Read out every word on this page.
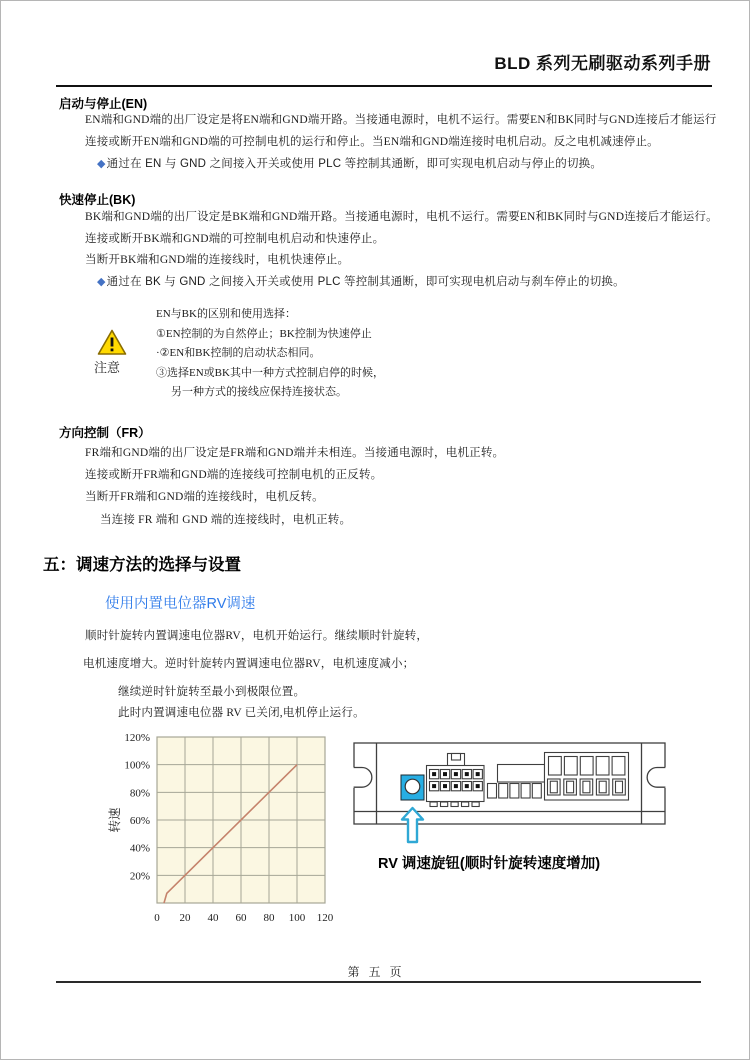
BLD 系列无刷驱动系列手册
启动与停止(EN)
EN端和GND端的出厂设定是将EN端和GND端开路。当接通电源时，电机不运行。需要EN和BK同时与GND连接后才能运行
连接或断开EN端和GND端的可控制电机的运行和停止。当EN端和GND端连接时电机启动。反之电机减速停止。
◆通过在 EN 与 GND 之间接入开关或使用 PLC 等控制其通断，即可实现电机启动与停止的切换。
快速停止(BK)
BK端和GND端的出厂设定是BK端和GND端开路。当接通电源时，电机不运行。需要EN和BK同时与GND连接后才能运行。
连接或断开BK端和GND端的可控制电机启动和快速停止。
当断开BK端和GND端的连接线时，电机快速停止。
◆通过在 BK 与 GND 之间接入开关或使用 PLC 等控制其通断，即可实现电机启动与刹车停止的切换。
注意
EN与BK的区别和使用选择：
①EN控制的为自然停止；BK控制为快速停止
·②EN和BK控制的启动状态相同。
③选择EN或BK其中一种方式控制启停的时候，
另一种方式的接线应保持连接状态。
方向控制（FR）
FR端和GND端的出厂设定是FR端和GND端并未相连。当接通电源时，电机正转。
连接或断开FR端和GND端的连接线可控制电机的正反转。
当断开FR端和GND端的连接线时，电机反转。
当连接 FR 端和 GND 端的连接线时，电机正转。
五：调速方法的选择与设置
使用内置电位器RV调速
顺时针旋转内置调速电位器RV，电机开始运行。继续顺时针旋转，
电机速度增大。逆时针旋转内置调速电位器RV，电机速度减小；
继续逆时针旋转至最小到极限位置。
此时内置调速电位器 RV 已关闭,电机停止运行。
0 20 40 60 80 100 120
20%
40%
60%
80%
100%
120%
转速
RV 调速旋钮(顺时针旋转速度增加)
第 五 页
